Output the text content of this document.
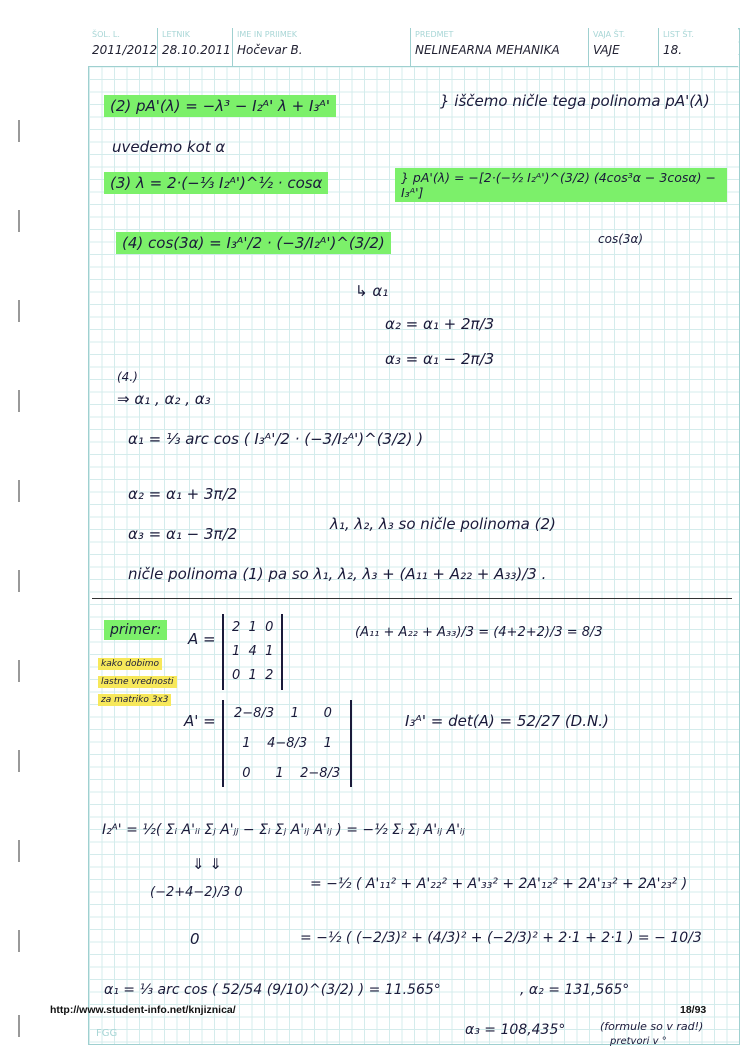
ŠOL. L.
2011/2012
LETNIK
28.10.2011
IME IN PRIIMEK
Hočevar B.
PREDMET
NELINEARNA MEHANIKA
VAJA ŠT.
VAJE
LIST ŠT.
18.
(2) pA'(λ) = −λ³ − I₂ᴬ' λ + I₃ᴬ'	} iščemo ničle tega polinoma pA'(λ)
uvedemo kot α
(3) λ = 2·(−⅓ I₂ᴬ')^½ · cosα	} pA'(λ) = −[2·(−½ I₂ᴬ')^(3/2) (4cos³α − 3cosα) − I₃ᴬ']
cos(3α)
(4) cos(3α) = I₃ᴬ'/2 · (−3/I₂ᴬ')^(3/2)
↳ α₁
α₂ = α₁ + 2π/3
α₃ = α₁ − 2π/3
(4.)
⇒ α₁ , α₂ , α₃
α₁ = ⅓ arc cos ( I₃ᴬ'/2 · (−3/I₂ᴬ')^(3/2) )
α₂ = α₁ + 3π/2
α₃ = α₁ − 3π/2
λ₁, λ₂, λ₃ so ničle polinoma (2)
ničle polinoma (1) pa so λ₁, λ₂, λ₃ + (A₁₁ + A₂₂ + A₃₃)/3 .
primer:	A =
2  1  0
1  4  1
0  1  2
(A₁₁ + A₂₂ + A₃₃)/3 = (4+2+2)/3 = 8/3
kako dobimo
lastne vrednosti
za matriko 3x3
A' =	2−8/3    1      0

1    4−8/3    1

0      1    2−8/3
I₃ᴬ' = det(A) = 52/27 (D.N.)
I₂ᴬ' = ½( Σᵢ A'ᵢᵢ Σⱼ A'ⱼⱼ − Σᵢ Σⱼ A'ᵢⱼ A'ᵢⱼ ) = −½ Σᵢ Σⱼ A'ᵢⱼ A'ᵢⱼ
⇓ ⇓
(−2+4−2)/3 0
= −½ ( A'₁₁² + A'₂₂² + A'₃₃² + 2A'₁₂² + 2A'₁₃² + 2A'₂₃² )
0	= −½ ( (−2/3)² + (4/3)² + (−2/3)² + 2·1 + 2·1 ) = − 10/3
α₁ = ⅓ arc cos ( 52/54 (9/10)^(3/2) ) = 11.565°	, α₂ = 131,565°
α₃ = 108,435°	(formule so v rad!)
pretvori v °
http://www.student-info.net/knjiznica/	18/93
FGG
